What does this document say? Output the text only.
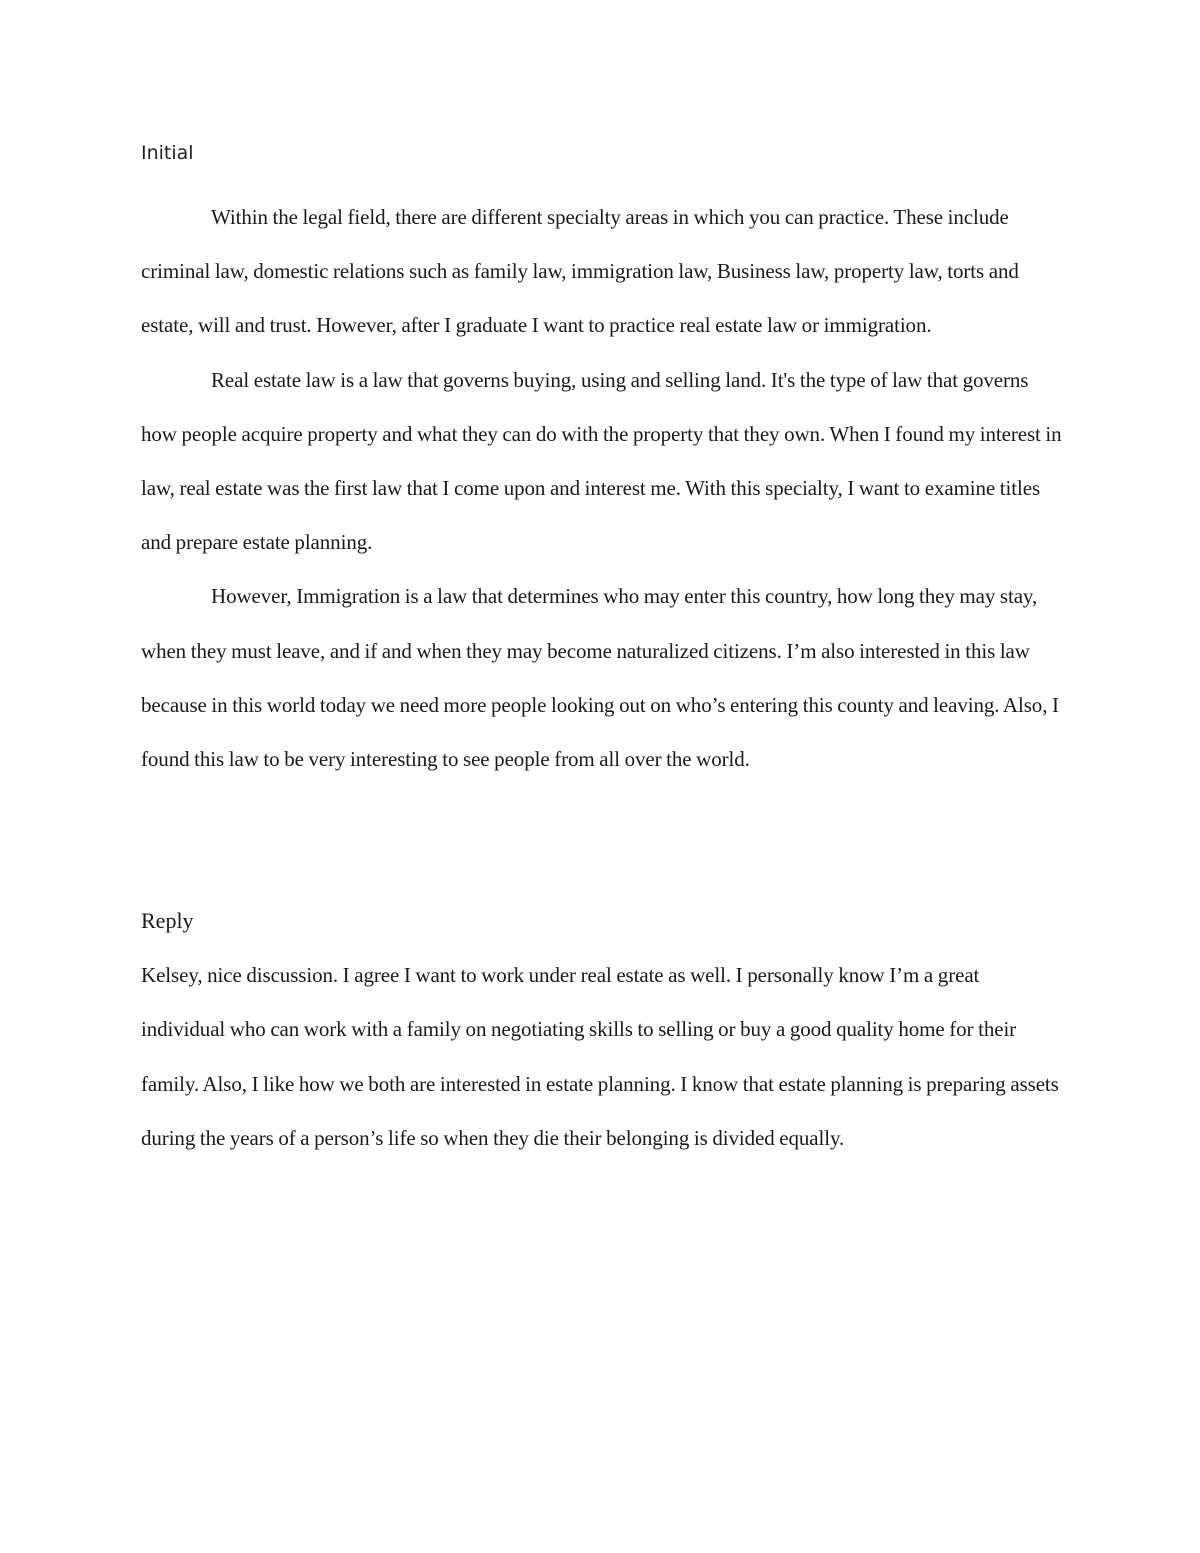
Initial

Within the legal field, there are different specialty areas in which you can practice. These include criminal law, domestic relations such as family law, immigration law, Business law, property law, torts and estate, will and trust. However, after I graduate I want to practice real estate law or immigration.

Real estate law is a law that governs buying, using and selling land. It's the type of law that governs how people acquire property and what they can do with the property that they own. When I found my interest in law, real estate was the first law that I come upon and interest me. With this specialty, I want to examine titles and prepare estate planning.

However, Immigration is a law that determines who may enter this country, how long they may stay, when they must leave, and if and when they may become naturalized citizens. I’m also interested in this law because in this world today we need more people looking out on who’s entering this county and leaving. Also, I found this law to be very interesting to see people from all over the world.

Reply

Kelsey, nice discussion. I agree I want to work under real estate as well. I personally know I’m a great individual who can work with a family on negotiating skills to selling or buy a good quality home for their family. Also, I like how we both are interested in estate planning. I know that estate planning is preparing assets during the years of a person’s life so when they die their belonging is divided equally.
